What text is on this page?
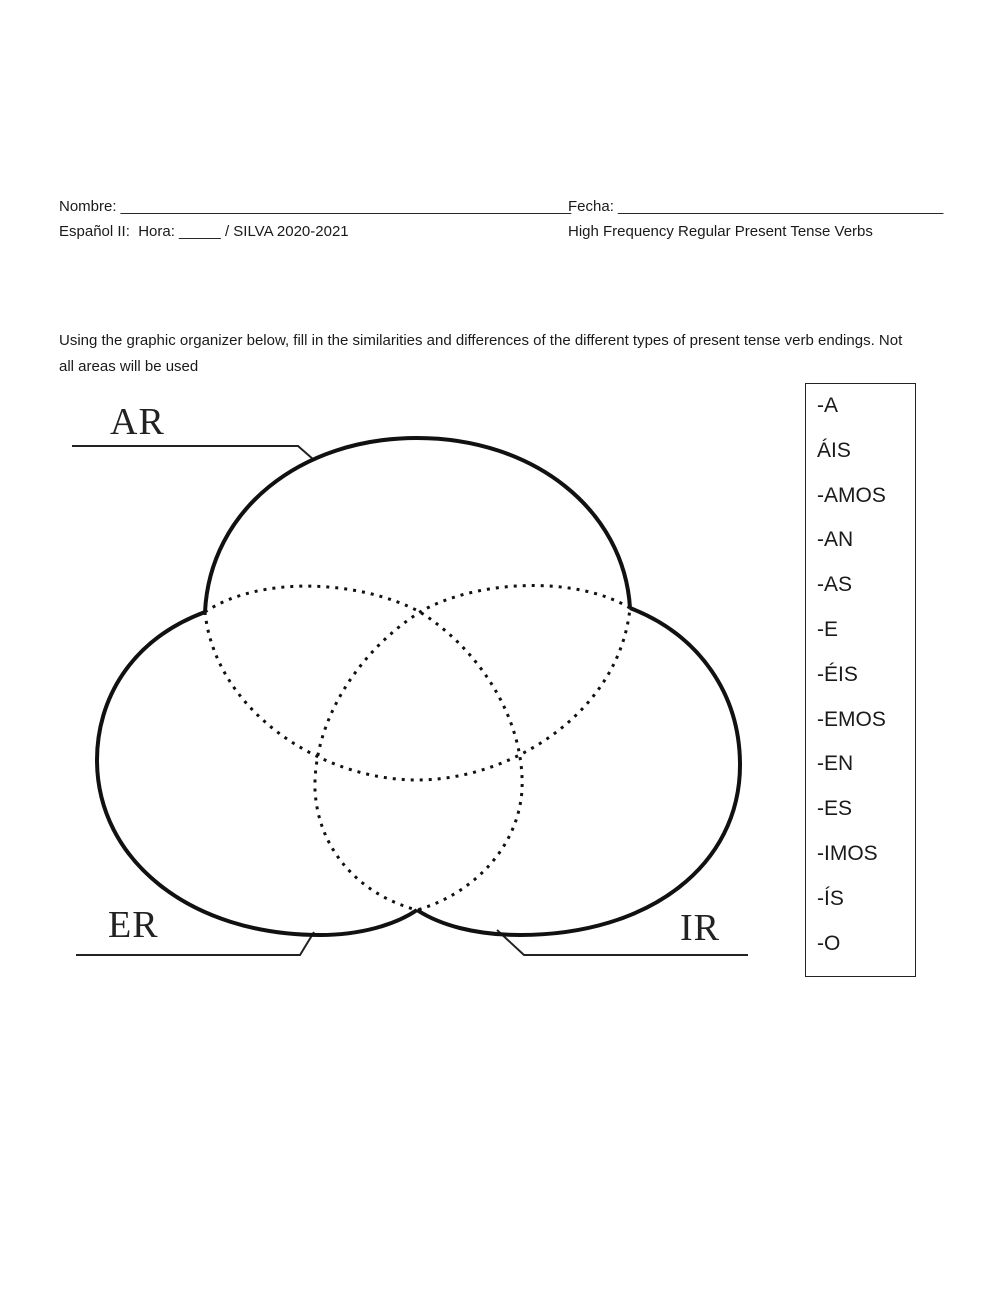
Nombre: ______________________________________________________
Fecha: _______________________________________
Español II:  Hora: _____ / SILVA 2020-2021	High Frequency Regular Present Tense Verbs
Using the graphic organizer below, fill in the similarities and differences of the different types of present tense verb endings. Not all areas will be used
AR
ER	IR
-A
ÁIS
-AMOS
-AN
-AS
-E
-ÉIS
-EMOS
-EN
-ES
-IMOS
-ÍS
-O
